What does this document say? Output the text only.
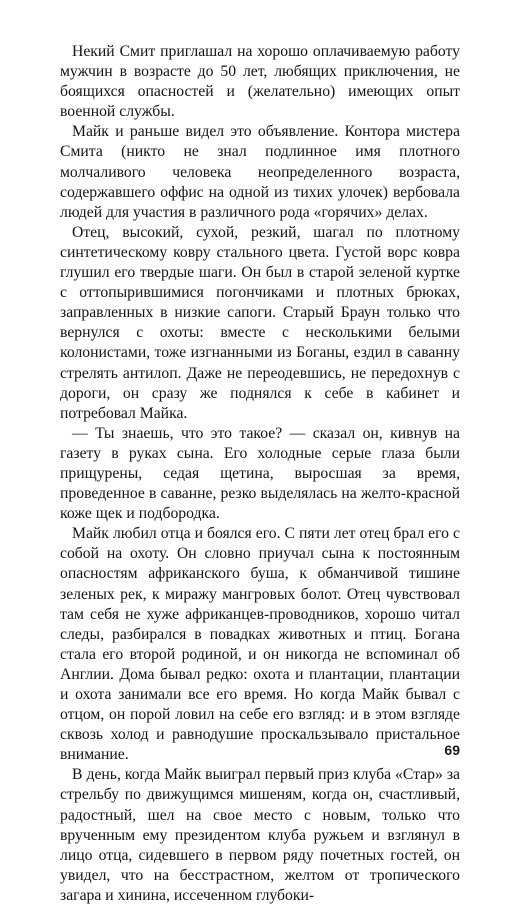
Некий Смит приглашал на хорошо оплачиваемую работу мужчин в возрасте до 50 лет, любящих приключения, не боящихся опасностей и (желательно) имеющих опыт военной службы.

Майк и раньше видел это объявление. Контора мистера Смита (никто не знал подлинное имя плотного молчаливого человека неопределенного возраста, содержавшего оффис на одной из тихих улочек) вербовала людей для участия в различного рода «горячих» делах.

Отец, высокий, сухой, резкий, шагал по плотному синтетическому ковру стального цвета. Густой ворс ковра глушил его твердые шаги. Он был в старой зеленой куртке с оттопырившимися погончиками и плотных брюках, заправленных в низкие сапоги. Старый Браун только что вернулся с охоты: вместе с несколькими белыми колонистами, тоже изгнанными из Боганы, ездил в саванну стрелять антилоп. Даже не переодевшись, не передохнув с дороги, он сразу же поднялся к себе в кабинет и потребовал Майка.

— Ты знаешь, что это такое? — сказал он, кивнув на газету в руках сына. Его холодные серые глаза были прищурены, седая щетина, выросшая за время, проведенное в саванне, резко выделялась на желто-красной коже щек и подбородка.

Майк любил отца и боялся его. С пяти лет отец брал его с собой на охоту. Он словно приучал сына к постоянным опасностям африканского буша, к обманчивой тишине зеленых рек, к миражу мангровых болот. Отец чувствовал там себя не хуже африканцев-проводников, хорошо читал следы, разбирался в повадках животных и птиц. Богана стала его второй родиной, и он никогда не вспоминал об Англии. Дома бывал редко: охота и плантации, плантации и охота занимали все его время. Но когда Майк бывал с отцом, он порой ловил на себе его взгляд: и в этом взгляде сквозь холод и равнодушие проскальзывало пристальное внимание.

В день, когда Майк выиграл первый приз клуба «Стар» за стрельбу по движущимся мишеням, когда он, счастливый, радостный, шел на свое место с новым, только что врученным ему президентом клуба ружьем и взглянул в лицо отца, сидевшего в первом ряду почетных гостей, он увидел, что на бесстрастном, желтом от тропического загара и хинина, иссеченном глубоки-

69
